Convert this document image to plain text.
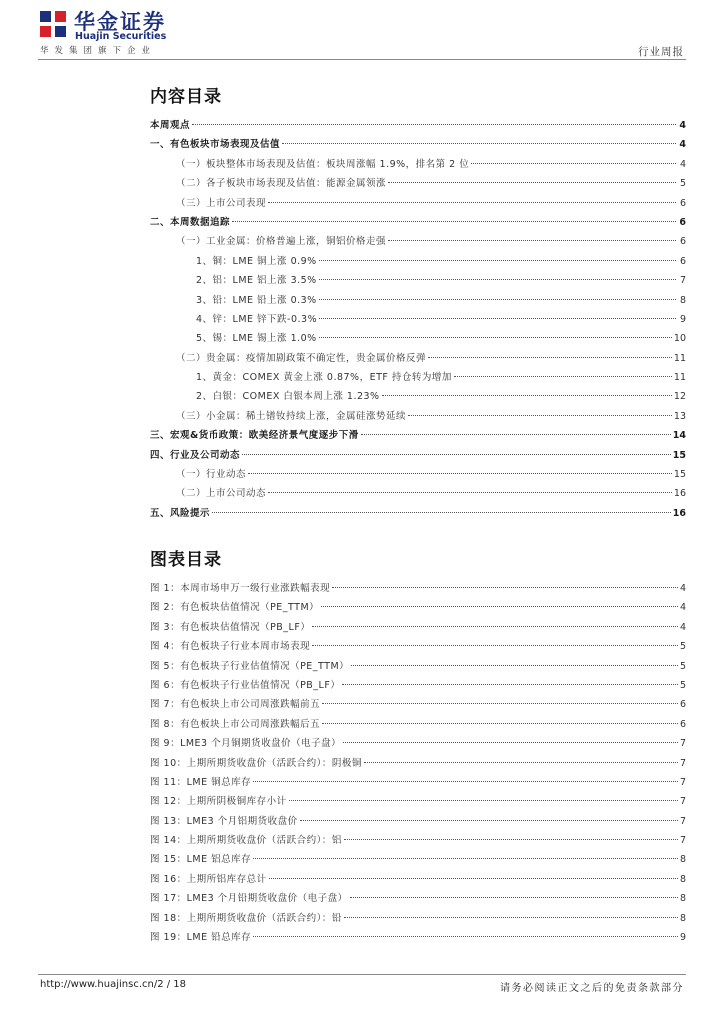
华金证券
Huajin Securities
华发集团旗下企业	行业周报
内容目录
本周观点	4
一、有色板块市场表现及估值	4
（一）板块整体市场表现及估值：板块周涨幅 1.9%，排名第 2 位	4
（二）各子板块市场表现及估值：能源金属领涨	5
（三）上市公司表现	6
二、本周数据追踪	6
（一）工业金属：价格普遍上涨，铜铝价格走强	6
1、铜：LME 铜上涨 0.9%	6
2、铝：LME 铝上涨 3.5%	7
3、铅：LME 铅上涨 0.3%	8
4、锌：LME 锌下跌-0.3%	9
5、锡：LME 锡上涨 1.0%	10
（二）贵金属：疫情加剧政策不确定性，贵金属价格反弹	11
1、黄金：COMEX 黄金上涨 0.87%，ETF 持仓转为增加	11
2、白银：COMEX 白银本周上涨 1.23%	12
（三）小金属：稀土镨钕持续上涨，金属硅涨势延续	13
三、宏观&货币政策：欧美经济景气度逐步下滑	14
四、行业及公司动态	15
（一）行业动态	15
（二）上市公司动态	16
五、风险提示	16
图表目录
图 1：本周市场申万一级行业涨跌幅表现	4
图 2：有色板块估值情况（PE_TTM）	4
图 3：有色板块估值情况（PB_LF）	4
图 4：有色板块子行业本周市场表现	5
图 5：有色板块子行业估值情况（PE_TTM）	5
图 6：有色板块子行业估值情况（PB_LF）	5
图 7：有色板块上市公司周涨跌幅前五	6
图 8：有色板块上市公司周涨跌幅后五	6
图 9：LME3 个月铜期货收盘价（电子盘）	7
图 10：上期所期货收盘价（活跃合约）：阴极铜	7
图 11：LME 铜总库存	7
图 12：上期所阴极铜库存小计	7
图 13：LME3 个月铝期货收盘价	7
图 14：上期所期货收盘价（活跃合约）：铝	7
图 15：LME 铝总库存	8
图 16：上期所铝库存总计	8
图 17：LME3 个月铅期货收盘价（电子盘）	8
图 18：上期所期货收盘价（活跃合约）：铅	8
图 19：LME 铅总库存	9
http://www.huajinsc.cn/2 / 18	请务必阅读正文之后的免责条款部分
